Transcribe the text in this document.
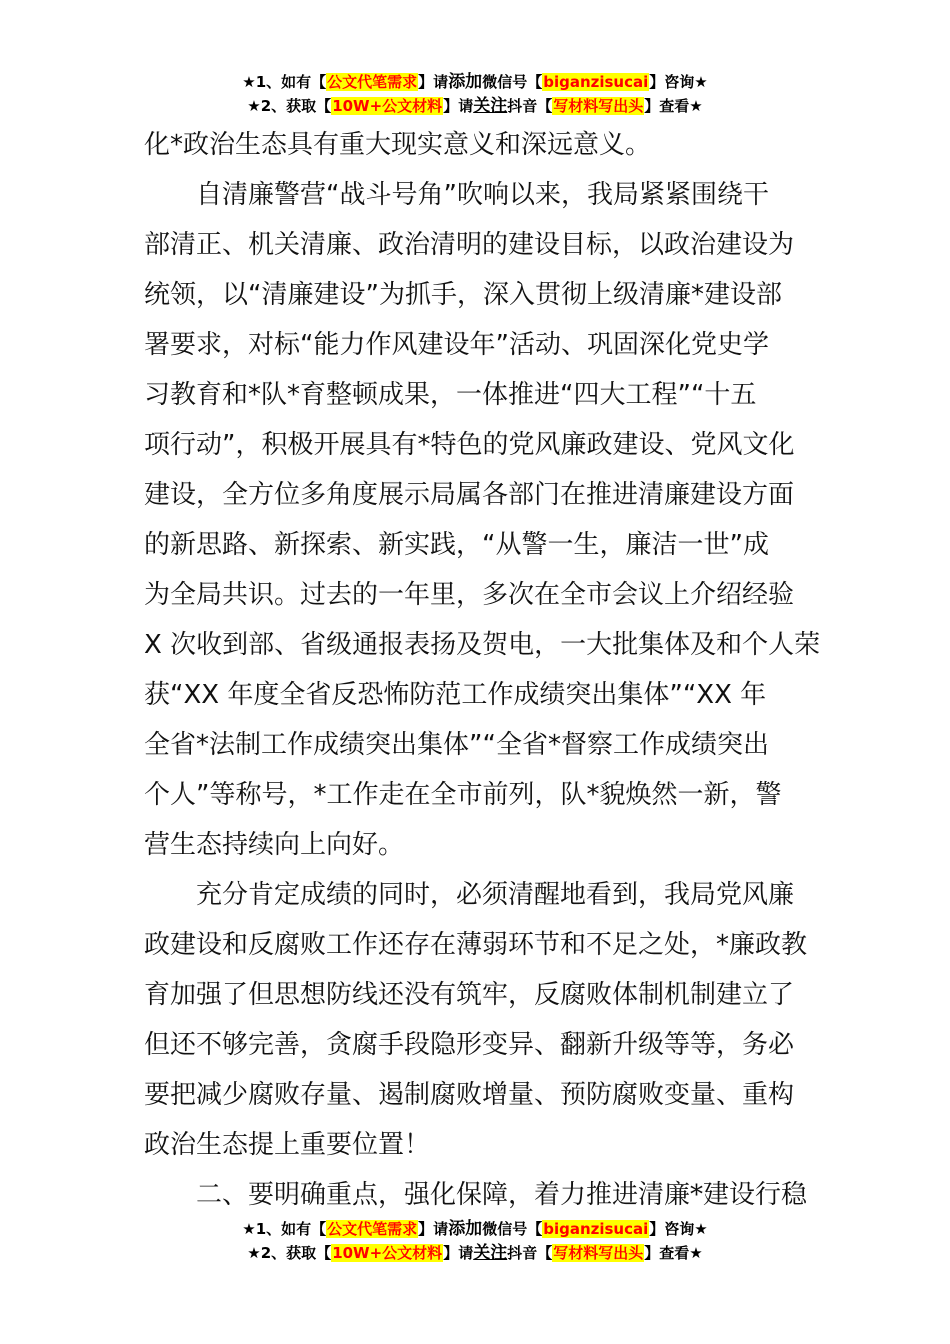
★1、如有【公文代笔需求】请添加微信号【biganzisucai】咨询★
★2、获取【10W+公文材料】请关注抖音【写材料写出头】查看★

化*政治生态具有重大现实意义和深远意义。

自清廉警营“战斗号角”吹响以来，我局紧紧围绕干

部清正、机关清廉、政治清明的建设目标，以政治建设为

统领，以“清廉建设”为抓手，深入贯彻上级清廉*建设部

署要求，对标“能力作风建设年”活动、巩固深化党史学

习教育和*队*育整顿成果，一体推进“四大工程”“十五

项行动”，积极开展具有*特色的党风廉政建设、党风文化

建设，全方位多角度展示局属各部门在推进清廉建设方面

的新思路、新探索、新实践，“从警一生，廉洁一世”成

为全局共识。过去的一年里，多次在全市会议上介绍经验

X 次收到部、省级通报表扬及贺电，一大批集体及和个人荣

获“XX 年度全省反恐怖防范工作成绩突出集体”“XX 年

全省*法制工作成绩突出集体”“全省*督察工作成绩突出

个人”等称号，*工作走在全市前列，队*貌焕然一新，警

营生态持续向上向好。

充分肯定成绩的同时，必须清醒地看到，我局党风廉

政建设和反腐败工作还存在薄弱环节和不足之处，*廉政教

育加强了但思想防线还没有筑牢，反腐败体制机制建立了

但还不够完善，贪腐手段隐形变异、翻新升级等等，务必

要把减少腐败存量、遏制腐败增量、预防腐败变量、重构

政治生态提上重要位置！

二、要明确重点，强化保障，着力推进清廉*建设行稳

★1、如有【公文代笔需求】请添加微信号【biganzisucai】咨询★
★2、获取【10W+公文材料】请关注抖音【写材料写出头】查看★
